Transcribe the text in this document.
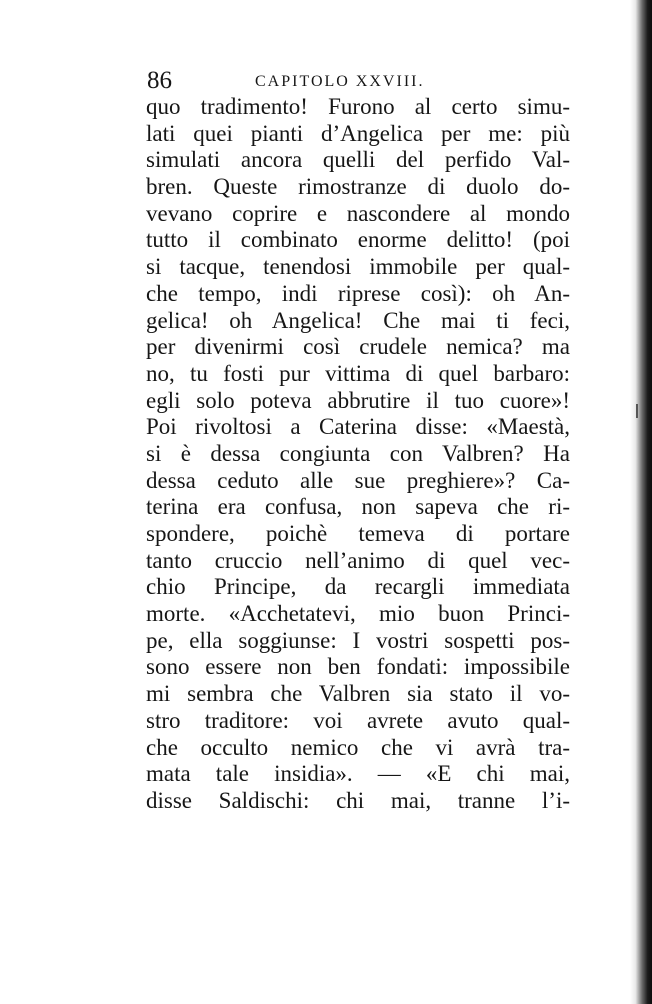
86	CAPITOLO XXVIII.
quo tradimento! Furono al certo simu-
lati quei pianti d’Angelica per me: più
simulati ancora quelli del perfido Val-
bren. Queste rimostranze di duolo do-
vevano coprire e nascondere al mondo
tutto il combinato enorme delitto! (poi
si tacque, tenendosi immobile per qual-
che tempo, indi riprese così): oh An-
gelica! oh Angelica! Che mai ti feci,
per divenirmi così crudele nemica? ma
no, tu fosti pur vittima di quel barbaro:
egli solo poteva abbrutire il tuo cuore»!
Poi rivoltosi a Caterina disse: «Maestà,
si è dessa congiunta con Valbren? Ha
dessa ceduto alle sue preghiere»? Ca-
terina era confusa, non sapeva che ri-
spondere, poichè temeva di portare
tanto cruccio nell’animo di quel vec-
chio Principe, da recargli immediata
morte. «Acchetatevi, mio buon Princi-
pe, ella soggiunse: I vostri sospetti pos-
sono essere non ben fondati: impossibile
mi sembra che Valbren sia stato il vo-
stro traditore: voi avrete avuto qual-
che occulto nemico che vi avrà tra-
mata tale insidia». — «E chi mai,
disse Saldischi: chi mai, tranne l’i-
